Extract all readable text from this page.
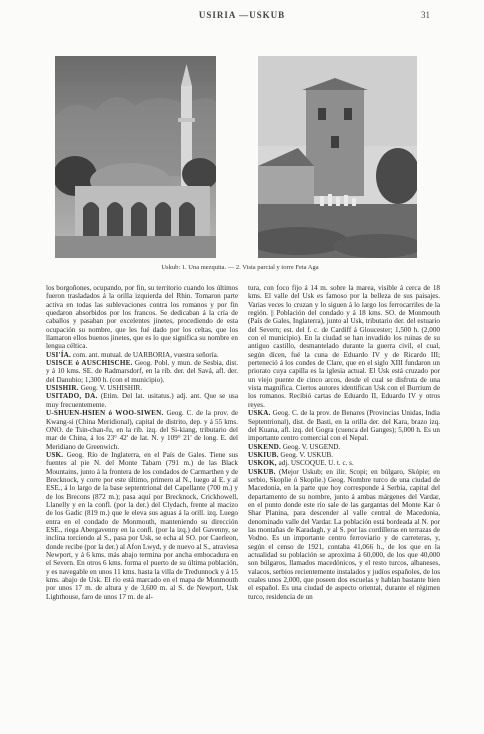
USIRIA —USKUB	31
Uskub: 1. Una mezquita. — 2. Vista parcial y torre Feta Aga

los borgoñones, ocupando, por fin, su territorio cuando los últimos fueron trasladados á la orilla izquierda del Rhin. Tomaron parte activa en todas las sublevaciones contra los romanos y por fin quedaron absorbidos por los francos. Se dedicaban á la cría de caballos y pasaban por excelentes jinetes, procediendo de esta ocupación su nombre, que les fué dado por los celtas, que los llamaron ellos buenos jinetes, que es lo que significa su nombre en lengua céltica.

USI'ÍA. com. ant. mutual. de UARBORIA, vuestra señoría.

USISCE ó AUSCHISCHE. Geog. Pobl. y mun. de Sesbia, dist. y á 10 kms. SE. de Radmarsdorf, en la rib. der. del Savá, afl. der. del Danubio; 1,300 h. (con el municipio).

USISHIR. Geog. V. USHISHIR.

USITADO, DA. (Etim. Del lat. usitatus.) adj. ant. Que se usa muy frecuentemente.

U-SHUEN-HSIEN ó WOO-SIWEN. Geog. C. de la prov. de Kwang-si (China Meridional), capital de distrito, dep. y á 55 kms. ONO. de Tsin-chan-fu, en la rib. izq. del Si-kiang, tributario del mar de China, á los 23° 42' de lat. N. y 109° 21' de long. E. del Meridiano de Greenwich.

USK. Geog. Río de Inglaterra, en el País de Gales. Tiene sus fuentes al pie N. del Monte Tabarn (791 m.) de las Black Mountains, junto á la frontera de los condados de Carmarthen y de Brecknock, y corre por este último, primero al N., luego al E. y al ESE., á lo largo de la base septentrional del Capellante (700 m.) y de los Brecons (872 m.); pasa aquí por Brecknock, Crickhowell, Llanelly y en la confl. (por la der.) del Clydach, frente al macizo de los Gadic (819 m.) que le eleva sus aguas á la orill. izq. Luego entra en el condado de Monmouth, manteniendo su dirección ESE., riega Abergavenny en la confl. (por la izq.) del Gavenny, se inclina torciendo al S., pasa por Usk, se echa al SO. por Caerleon, donde recibe (por la der.) al Afon Lwyd, y de nuevo al S., atraviesa Newport, y á 6 kms. más abajo termina por ancha embocadura en el Severn. En otros 6 kms. forma el puerto de su última población, y es navegable en unos 11 kms. hasta la villa de Tredunnock y á 15 kms. abajo de Usk. El río está marcado en el mapa de Monmouth por unos 17 m. de altura y de 3,600 m. al S. de Newport, Usk Lighthouse, faro de unos 17 m. de al-

tura, con foco fijo á 14 m. sobre la marea, visible á cerca de 18 kms. El valle del Usk es famoso por la belleza de sus paisajes. Varias veces lo cruzan y lo siguen á lo largo los ferrocarriles de la región. || Población del condado y á 18 kms. SO. de Monmouth (País de Gales, Inglaterra), junto al Usk, tributario der. del estuario del Severn; est. del f. c. de Cardiff á Gloucester; 1,500 h. (2,000 con el municipio). En la ciudad se han invadido los ruinas de su antiguo castillo, desmantelado durante la guerra civil, el cual, según dicen, fué la cuna de Eduardo IV y de Ricardo III; perteneció á los condes de Clare, que en el siglo XIII fundaron un priorato cuya capilla es la iglesia actual. El Usk está cruzado por un viejo puente de cinco arcos, desde el cual se disfruta de una vista magnífica. Ciertos autores identifican Usk con el Burrium de los romanos. Recibió cartas de Eduardo II, Eduardo IV y otros reyes.

USKA. Geog. C. de la prov. de Benares (Provincias Unidas, India Septentrional), dist. de Basti, en la orilla der. del Kara, brazo izq. del Kuana, afl. izq. del Gogra (cuenca del Ganges); 5,000 h. Es un importante centro comercial con el Nepal.

USKEND. Geog. V. USGEND.

USKIUB. Geog. V. USKUB.

USKOK, adj. USCOQUE. U. t. c. s.

USKUB. (Mejor Uskub; en ilir. Scopi; en búlgaro, Skópie; en serbio, Skoplie ó Skoplie.) Geog. Nombre turco de una ciudad de Macedonia, en la parte que hoy corresponde á Serbia, capital del departamento de su nombre, junto á ambas márgenes del Vardar, en el punto donde este río sale de las gargantas del Monte Kar ó Shar Planina, para descender al valle central de Macedonia, denominado valle del Vardar. La población está bordeada al N. por las montañas de Karadagh, y al S. por las cordilleras en terrazas de Vodno. Es un importante centro ferroviario y de carreteras, y, según el censo de 1921, contaba 41,066 h., de los que en la actualidad su población se aproxima á 60,000, de los que 40,000 son búlgaros, llamados macedónicos, y el resto turcos, albaneses, valacos, serbios recientemente instalados y judíos españoles, de los cuales unos 2,000, que poseen dos escuelas y hablan bastante bien el español. Es una ciudad de aspecto oriental, durante el régimen turco, residencia de un
